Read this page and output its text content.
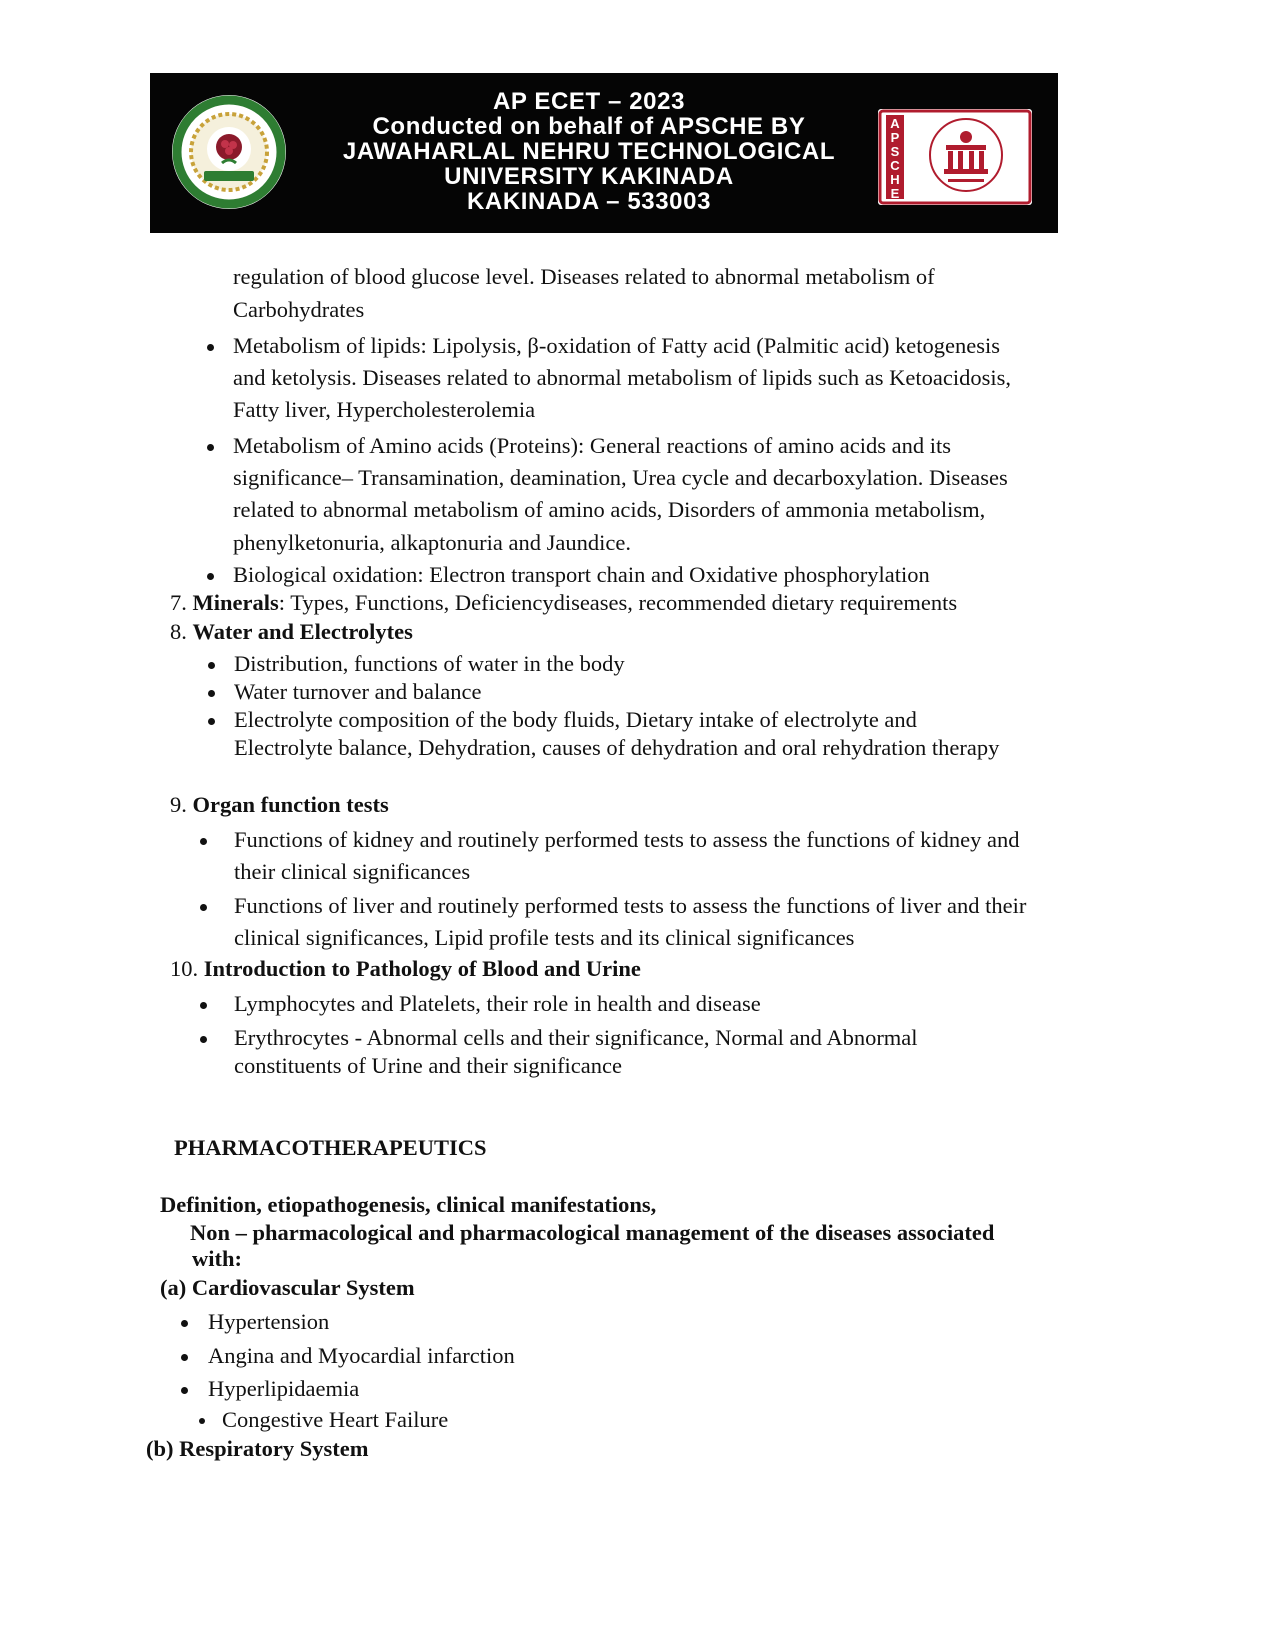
AP ECET – 2023
Conducted on behalf of APSCHE BY
JAWAHARLAL NEHRU TECHNOLOGICAL
UNIVERSITY KAKINADA
KAKINADA – 533003
A
P
S
C
H
E
regulation of blood glucose level. Diseases related to abnormal metabolism of
Carbohydrates
Metabolism of lipids: Lipolysis, β-oxidation of Fatty acid (Palmitic acid) ketogenesis
and ketolysis. Diseases related to abnormal metabolism of lipids such as Ketoacidosis,
Fatty liver, Hypercholesterolemia
Metabolism of Amino acids (Proteins): General reactions of amino acids and its
significance– Transamination, deamination, Urea cycle and decarboxylation. Diseases
related to abnormal metabolism of amino acids, Disorders of ammonia metabolism,
phenylketonuria, alkaptonuria and Jaundice.
Biological oxidation: Electron transport chain and Oxidative phosphorylation
7. Minerals: Types, Functions, Deficiencydiseases, recommended dietary requirements
8. Water and Electrolytes
Distribution, functions of water in the body
Water turnover and balance
Electrolyte composition of the body fluids, Dietary intake of electrolyte and
Electrolyte balance, Dehydration, causes of dehydration and oral rehydration therapy
9. Organ function tests
Functions of kidney and routinely performed tests to assess the functions of kidney and
their clinical significances
Functions of liver and routinely performed tests to assess the functions of liver and their
clinical significances, Lipid profile tests and its clinical significances
10. Introduction to Pathology of Blood and Urine
Lymphocytes and Platelets, their role in health and disease
Erythrocytes - Abnormal cells and their significance, Normal and Abnormal
constituents of Urine and their significance
PHARMACOTHERAPEUTICS
Definition, etiopathogenesis, clinical manifestations,
Non – pharmacological and pharmacological management of the diseases associated
with:
(a) Cardiovascular System
Hypertension
Angina and Myocardial infarction
Hyperlipidaemia
Congestive Heart Failure
(b) Respiratory System
